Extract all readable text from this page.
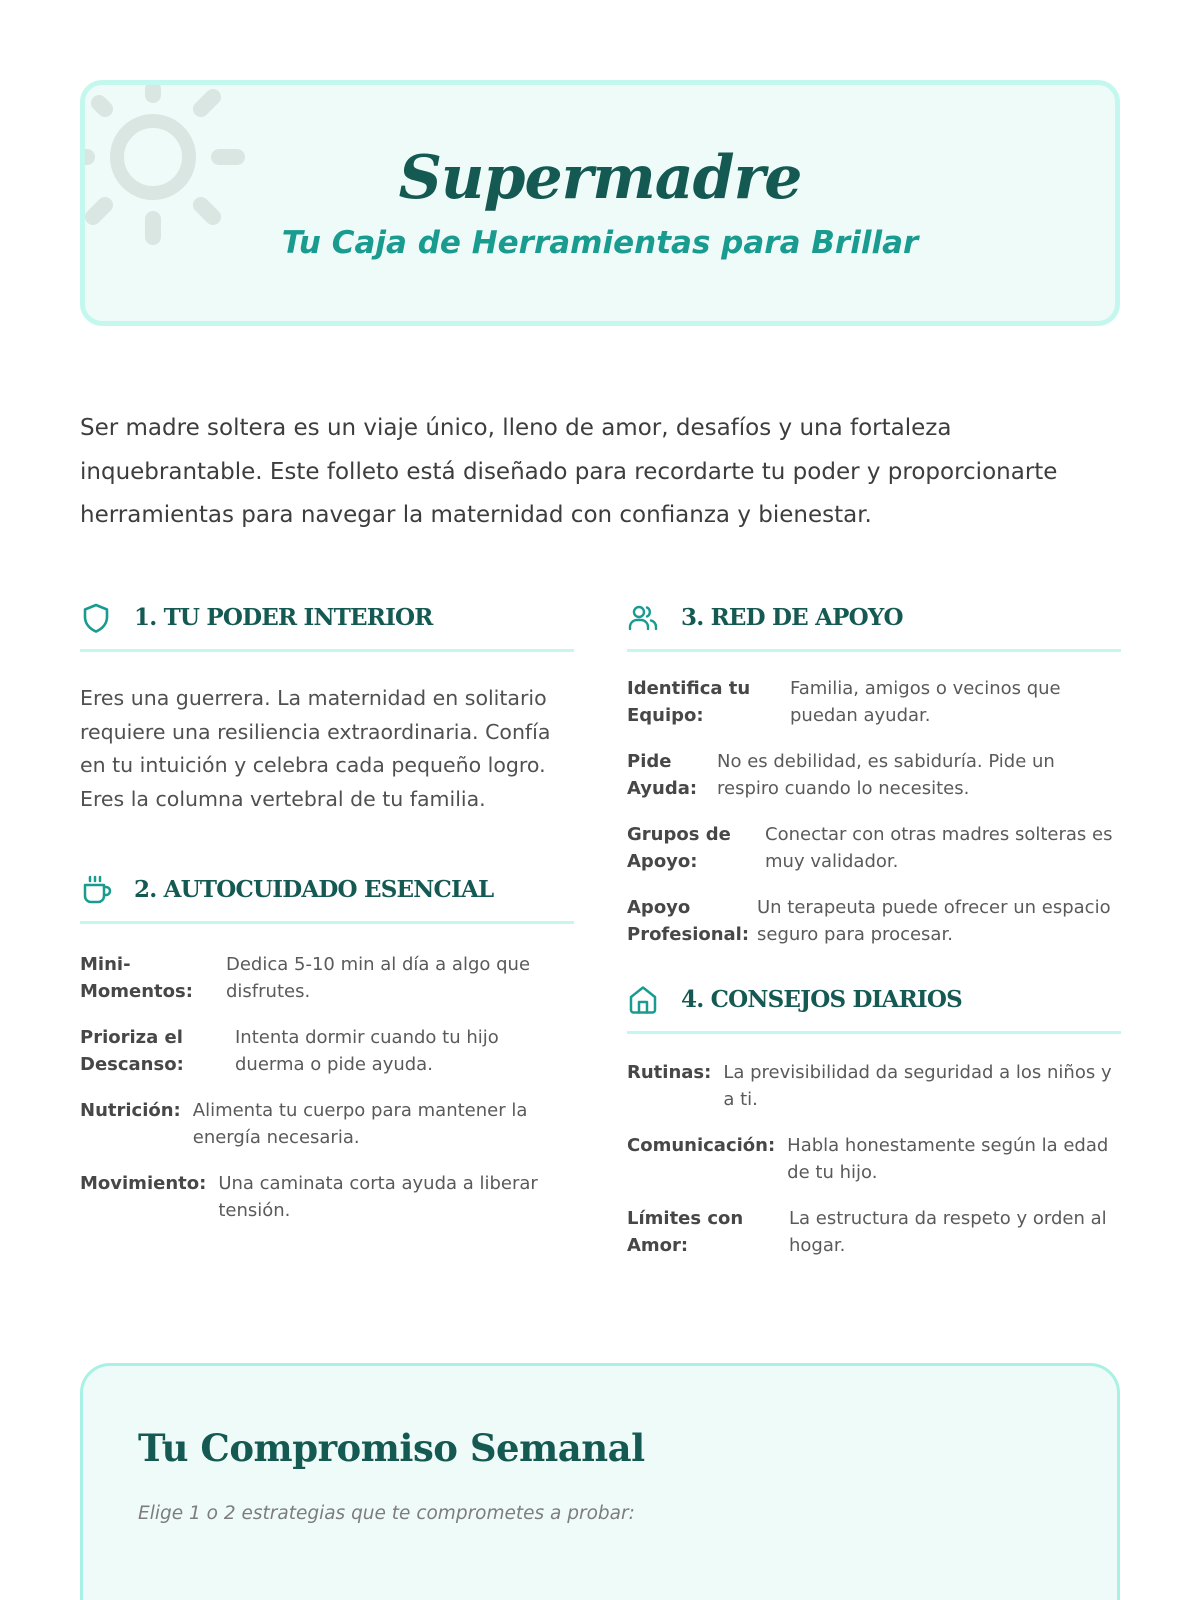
Supermadre
Tu Caja de Herramientas para Brillar

Ser madre soltera es un viaje único, lleno de amor, desafíos y una fortaleza inquebrantable. Este folleto está diseñado para recordarte tu poder y proporcionarte herramientas para navegar la maternidad con confianza y bienestar.

1. TU PODER INTERIOR

Eres una guerrera. La maternidad en solitario requiere una resiliencia extraordinaria. Confía en tu intuición y celebra cada pequeño logro. Eres la columna vertebral de tu familia.

2. AUTOCUIDADO ESENCIAL
Mini-Momentos:
Dedica 5-10 min al día a algo que disfrutes.
Prioriza el Descanso:
Intenta dormir cuando tu hijo duerma o pide ayuda.
Nutrición: Alimenta tu cuerpo para mantener la energía necesaria.
Movimiento: Una caminata corta ayuda a liberar tensión.
3. RED DE APOYO
Identifica tu Equipo:
Familia, amigos o vecinos que puedan ayudar.
Pide Ayuda:
No es debilidad, es sabiduría. Pide un respiro cuando lo necesites.
Grupos de Apoyo:
Conectar con otras madres solteras es muy validador.
Apoyo Profesional:
Un terapeuta puede ofrecer un espacio seguro para procesar.
4. CONSEJOS DIARIOS
Rutinas: La previsibilidad da seguridad a los niños y a ti.
Comunicación: Habla honestamente según la edad de tu hijo.
Límites con Amor:
La estructura da respeto y orden al hogar.
Tu Compromiso Semanal
Elige 1 o 2 estrategias que te comprometes a probar:
